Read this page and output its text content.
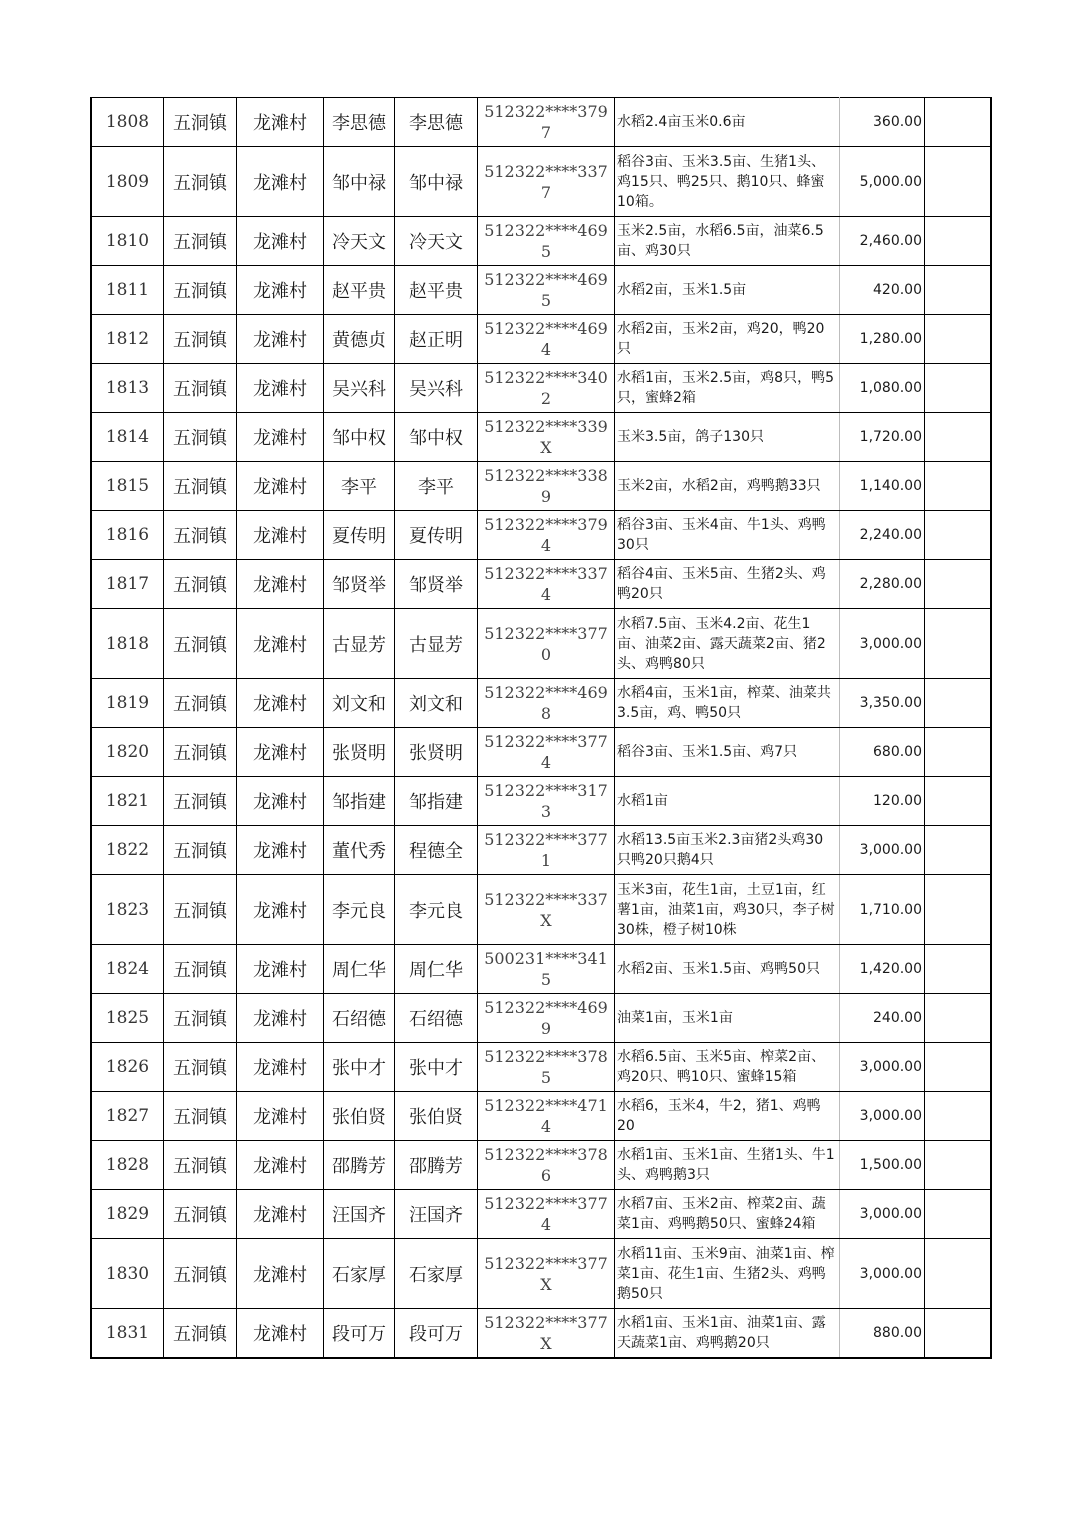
1808	五洞镇	龙滩村	李思德	李思德	512322****3797	水稻2.4亩玉米0.6亩	360.00	
1809	五洞镇	龙滩村	邹中禄	邹中禄	512322****3377	稻谷3亩、玉米3.5亩、生猪1头、鸡15只、鸭25只、鹅10只、蜂蜜10箱。	5,000.00	
1810	五洞镇	龙滩村	冷天文	冷天文	512322****4695	玉米2.5亩，水稻6.5亩，油菜6.5亩、鸡30只	2,460.00	
1811	五洞镇	龙滩村	赵平贵	赵平贵	512322****4695	水稻2亩，玉米1.5亩	420.00	
1812	五洞镇	龙滩村	黄德贞	赵正明	512322****4694	水稻2亩，玉米2亩，鸡20，鸭20只	1,280.00	
1813	五洞镇	龙滩村	吴兴科	吴兴科	512322****3402	水稻1亩，玉米2.5亩，鸡8只，鸭5只，蜜蜂2箱	1,080.00	
1814	五洞镇	龙滩村	邹中权	邹中权	512322****339X	玉米3.5亩，鸽子130只	1,720.00	
1815	五洞镇	龙滩村	李平	李平	512322****3389	玉米2亩，水稻2亩，鸡鸭鹅33只	1,140.00	
1816	五洞镇	龙滩村	夏传明	夏传明	512322****3794	稻谷3亩、玉米4亩、牛1头、鸡鸭30只	2,240.00	
1817	五洞镇	龙滩村	邹贤举	邹贤举	512322****3374	稻谷4亩、玉米5亩、生猪2头、鸡鸭20只	2,280.00	
1818	五洞镇	龙滩村	古显芳	古显芳	512322****3770	水稻7.5亩、玉米4.2亩、花生1亩、油菜2亩、露天蔬菜2亩、猪2头、鸡鸭80只	3,000.00	
1819	五洞镇	龙滩村	刘文和	刘文和	512322****4698	水稻4亩，玉米1亩，榨菜、油菜共3.5亩，鸡、鸭50只	3,350.00	
1820	五洞镇	龙滩村	张贤明	张贤明	512322****3774	稻谷3亩、玉米1.5亩、鸡7只	680.00	
1821	五洞镇	龙滩村	邹指建	邹指建	512322****3173	水稻1亩	120.00	
1822	五洞镇	龙滩村	董代秀	程德全	512322****3771	水稻13.5亩玉米2.3亩猪2头鸡30只鸭20只鹅4只	3,000.00	
1823	五洞镇	龙滩村	李元良	李元良	512322****337X	玉米3亩，花生1亩，土豆1亩，红薯1亩，油菜1亩，鸡30只，李子树30株，橙子树10株	1,710.00	
1824	五洞镇	龙滩村	周仁华	周仁华	500231****3415	水稻2亩、玉米1.5亩、鸡鸭50只	1,420.00	
1825	五洞镇	龙滩村	石绍德	石绍德	512322****4699	油菜1亩，玉米1亩	240.00	
1826	五洞镇	龙滩村	张中才	张中才	512322****3785	水稻6.5亩、玉米5亩、榨菜2亩、鸡20只、鸭10只、蜜蜂15箱	3,000.00	
1827	五洞镇	龙滩村	张伯贤	张伯贤	512322****4714	水稻6，玉米4，牛2，猪1、鸡鸭20	3,000.00	
1828	五洞镇	龙滩村	邵腾芳	邵腾芳	512322****3786	水稻1亩、玉米1亩、生猪1头、牛1头、鸡鸭鹅3只	1,500.00	
1829	五洞镇	龙滩村	汪国齐	汪国齐	512322****3774	水稻7亩、玉米2亩、榨菜2亩、蔬菜1亩、鸡鸭鹅50只、蜜蜂24箱	3,000.00	
1830	五洞镇	龙滩村	石家厚	石家厚	512322****377X	水稻11亩、玉米9亩、油菜1亩、榨菜1亩、花生1亩、生猪2头、鸡鸭鹅50只	3,000.00	
1831	五洞镇	龙滩村	段可万	段可万	512322****377X	水稻1亩、玉米1亩、油菜1亩、露天蔬菜1亩、鸡鸭鹅20只	880.00	
